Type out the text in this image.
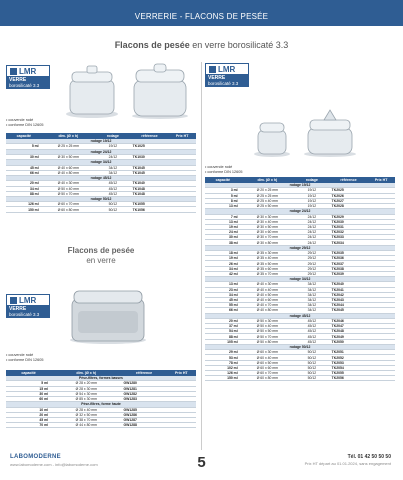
VERRERIE - FLACONS DE PESÉE
Flacons de pesée en verre borosilicaté 3.3
LMR
VERRE
borosilicaté 3.3
• couvercle rodé
• conforme DIN 12605
capacité	dim. (Ø x h)	rodage	référence	Prix HT
rodage 19/12				
5 ml	Ø 25 x 25 mm	19/12	TK1025	
rodage 24/12				
30 ml	Ø 30 x 50 mm	24/12	TK1030	
rodage 34/12				
45 ml	Ø 40 x 60 mm	34/12	TK1045	
66 ml	Ø 40 x 80 mm	34/12	TK1045	
rodage 45/12				
20 ml	Ø 40 x 30 mm	45/12	TK1040	
34 ml	Ø 50 x 40 mm	45/12	TK1048	
88 ml	Ø 50 x 70 mm	45/12	TK1048	
rodage 50/12				
126 ml	Ø 60 x 70 mm	50/12	TK1055	
150 ml	Ø 60 x 80 mm	50/12	TK1056	
Flacons de pesée
en verre
LMR
VERRE
borosilicaté 3.3
• couvercle rodé
• conforme DIN 12605
capacité	dim. (Ø x h)	référence	Prix HT
Pèse-filtres, formes basses			
5 ml	Ø 28 x 20 mm	GW1280	
15 ml	Ø 28 x 30 mm	GW1281	
30 ml	Ø 54 x 30 mm	GW1282	
60 ml	Ø 85 x 30 mm	GW1283	
Pèse-filtres, forme haute			
10 ml	Ø 28 x 40 mm	GW1285	
20 ml	Ø 32 x 50 mm	GW1286	
45 ml	Ø 38 x 70 mm	GW1287	
70 ml	Ø 44 x 80 mm	GW1288	
LMR
VERRE
borosilicaté 3.3
• couvercle rodé
• conforme DIN 12605
capacité	dim. (Ø x h)	rodage	référence	Prix HT
rodage 19/12				
3 ml	Ø 20 x 25 mm	19/12	TK2025	
5 ml	Ø 25 x 25 mm	19/12	TK2026	
8 ml	Ø 25 x 40 mm	19/12	TK2027	
13 ml	Ø 25 x 50 mm	19/12	TK2028	
rodage 24/12				
7 ml	Ø 30 x 30 mm	24/12	TK2029	
13 ml	Ø 30 x 40 mm	24/12	TK2030	
19 ml	Ø 30 x 50 mm	24/12	TK2031	
24 ml	Ø 30 x 60 mm	24/12	TK2032	
30 ml	Ø 30 x 70 mm	24/12	TK2033	
38 ml	Ø 30 x 80 mm	24/12	TK2034	
rodage 29/12				
18 ml	Ø 35 x 30 mm	29/12	TK2035	
19 ml	Ø 35 x 40 mm	29/12	TK2036	
26 ml	Ø 35 x 50 mm	29/12	TK2037	
34 ml	Ø 35 x 60 mm	29/12	TK2038	
42 ml	Ø 35 x 70 mm	29/12	TK2039	
rodage 34/12				
13 ml	Ø 40 x 30 mm	34/12	TK2040	
23 ml	Ø 40 x 40 mm	34/12	TK2041	
34 ml	Ø 40 x 50 mm	34/12	TK2042	
45 ml	Ø 40 x 60 mm	34/12	TK2043	
55 ml	Ø 40 x 70 mm	34/12	TK2044	
66 ml	Ø 40 x 80 mm	34/12	TK2045	
rodage 45/12				
20 ml	Ø 50 x 30 mm	45/12	TK2046	
37 ml	Ø 50 x 40 mm	45/12	TK2047	
54 ml	Ø 50 x 50 mm	45/12	TK2048	
88 ml	Ø 50 x 70 mm	45/12	TK2049	
105 ml	Ø 50 x 80 mm	45/12	TK2050	
rodage 50/12				
29 ml	Ø 60 x 30 mm	50/12	TK2051	
53 ml	Ø 60 x 40 mm	50/12	TK2052	
78 ml	Ø 60 x 50 mm	50/12	TK2053	
102 ml	Ø 60 x 60 mm	50/12	TK2054	
126 ml	Ø 60 x 70 mm	50/12	TK2055	
150 ml	Ø 60 x 80 mm	50/12	TK2056	
LABOMODERNE
www.labomoderne.com - info@labomoderne.com	5	Tél. 01 42 50 50 50
Prix HT départ au 01.01.2024, sans engagement
